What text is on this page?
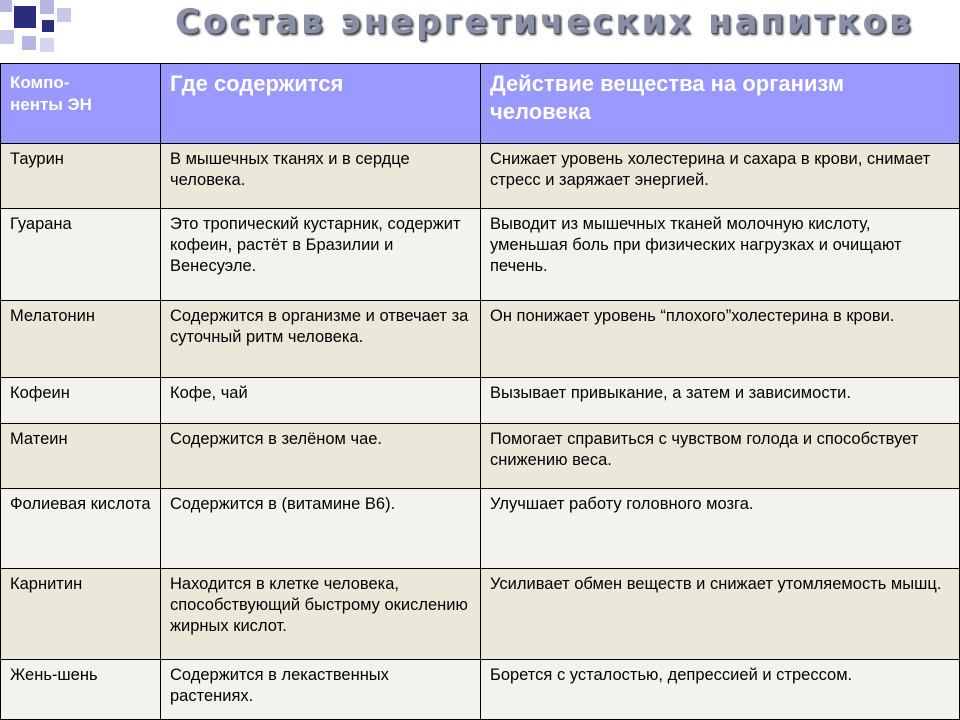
Состав энергетических напитков
Компо-
ненты ЭН	Где содержится	Действие вещества на организм человека
Таурин	В мышечных тканях и в сердце человека.	Снижает уровень холестерина и сахара в крови, снимает стресс и заряжает энергией.
Гуарана	Это тропический кустарник, содержит кофеин, растёт в Бразилии и Венесуэле.	Выводит из мышечных тканей молочную кислоту, уменьшая боль при физических нагрузках и очищают печень.
Мелатонин	Содержится в организме и отвечает за суточный ритм человека.	Он понижает уровень “плохого”холестерина в крови.
Кофеин	Кофе, чай	Вызывает привыкание, а затем и зависимости.
Матеин	Содержится в зелёном чае.	Помогает справиться с чувством голода и способствует снижению веса.
Фолиевая кислота	Содержится в (витамине В6).	Улучшает работу головного мозга.
Карнитин	Находится в клетке человека, способствующий быстрому окислению жирных кислот.	Усиливает обмен веществ и снижает утомляемость мышц.
Жень-шень	Содержится в лекаственных растениях.	Борется с усталостью, депрессией и стрессом.
